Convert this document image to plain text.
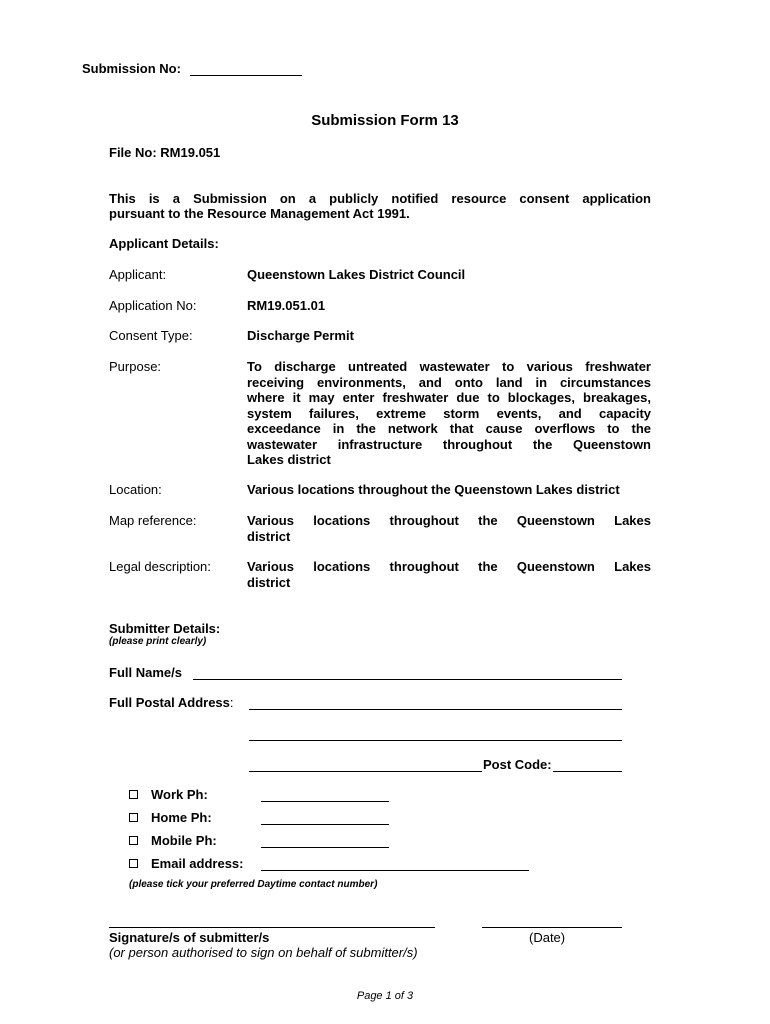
Submission No:
Submission Form 13
File No: RM19.051
This is a Submission on a publicly notified resource consent application
pursuant to the Resource Management Act 1991.
Applicant Details:
Applicant:	Queenstown Lakes District Council
Application No:	RM19.051.01
Consent Type:	Discharge Permit
Purpose:	To discharge untreated wastewater to various freshwater
receiving environments, and onto land in circumstances
where it may enter freshwater due to blockages, breakages,
system failures, extreme storm events, and capacity
exceedance in the network that cause overflows to the
wastewater infrastructure throughout the Queenstown
Lakes district
Location:	Various locations throughout the Queenstown Lakes district
Map reference:	Various locations throughout the Queenstown Lakes
district
Legal description:	Various locations throughout the Queenstown Lakes
district
Submitter Details:
(please print clearly)
Full Name/s
Full Postal Address:
Post Code:
Work Ph:
Home Ph:
Mobile Ph:
Email address:
(please tick your preferred Daytime contact number)
Signature/s of submitter/s	(Date)
(or person authorised to sign on behalf of submitter/s)
Page 1 of 3
